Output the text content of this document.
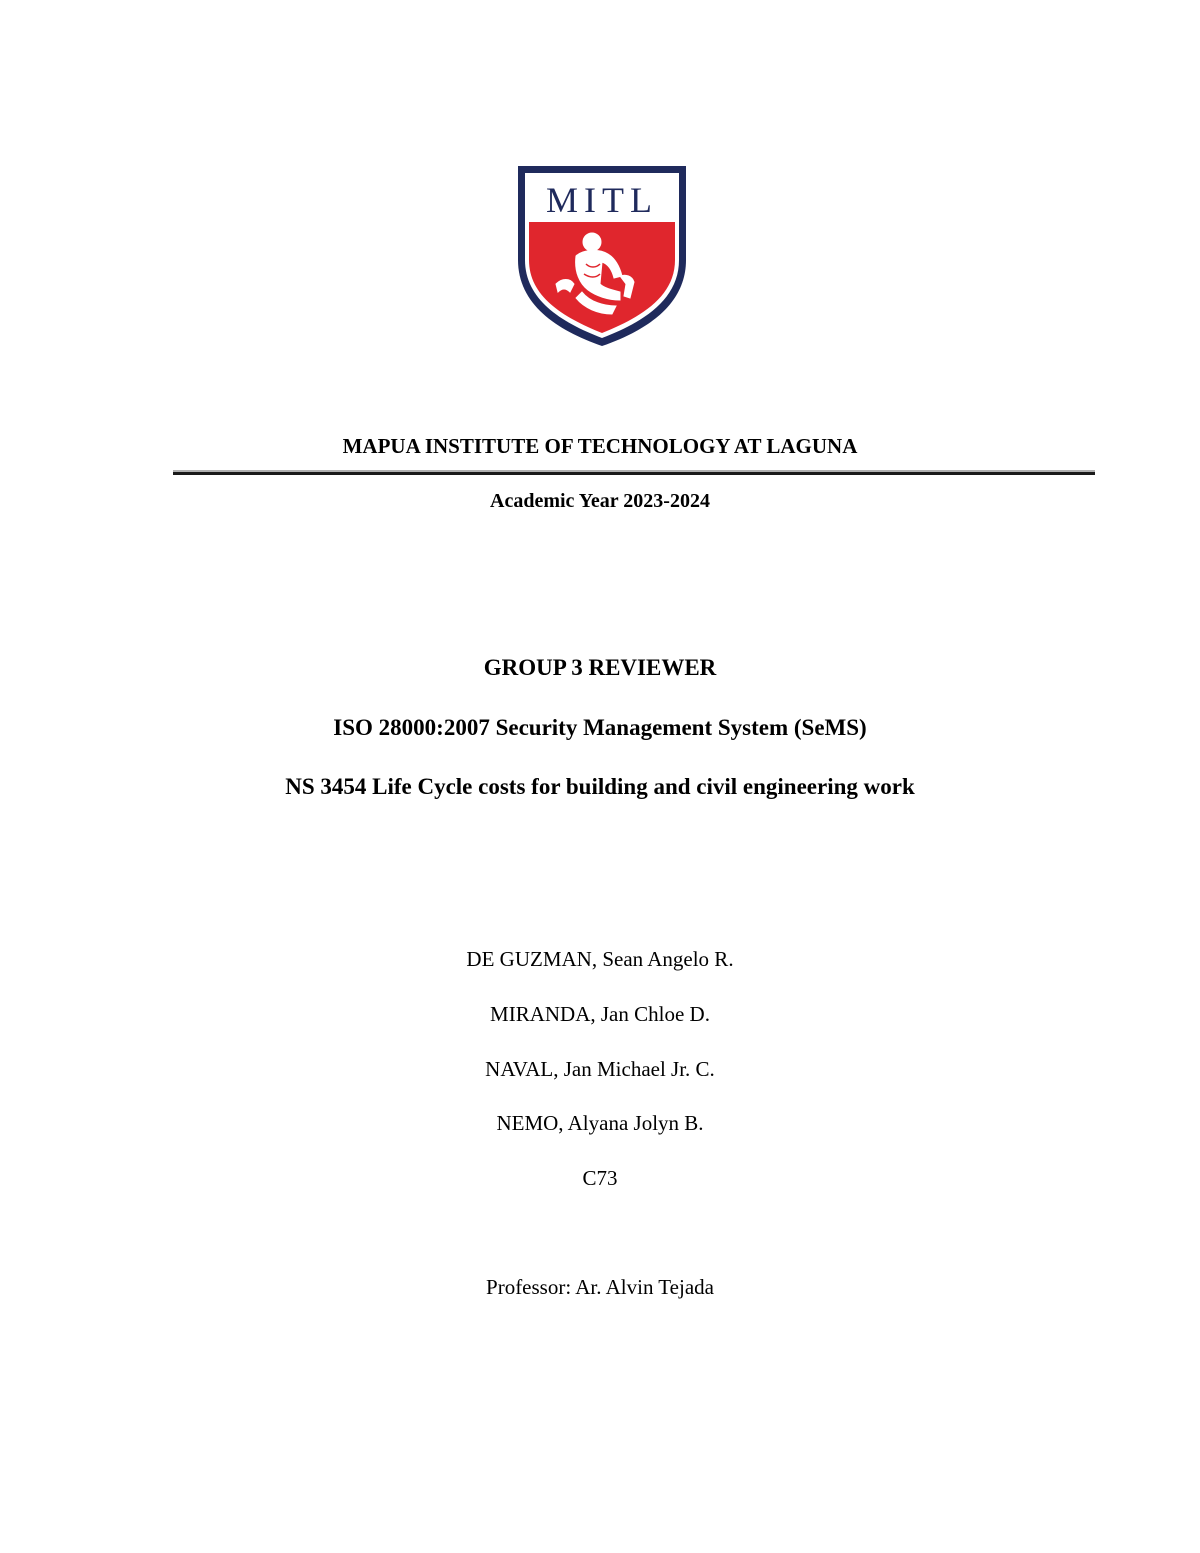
MITL
MAPUA INSTITUTE OF TECHNOLOGY AT LAGUNA
Academic Year 2023-2024
GROUP 3 REVIEWER
ISO 28000:2007 Security Management System (SeMS)
NS 3454 Life Cycle costs for building and civil engineering work
DE GUZMAN, Sean Angelo R.
MIRANDA, Jan Chloe D.
NAVAL, Jan Michael Jr. C.
NEMO, Alyana Jolyn B.
C73
Professor: Ar. Alvin Tejada
